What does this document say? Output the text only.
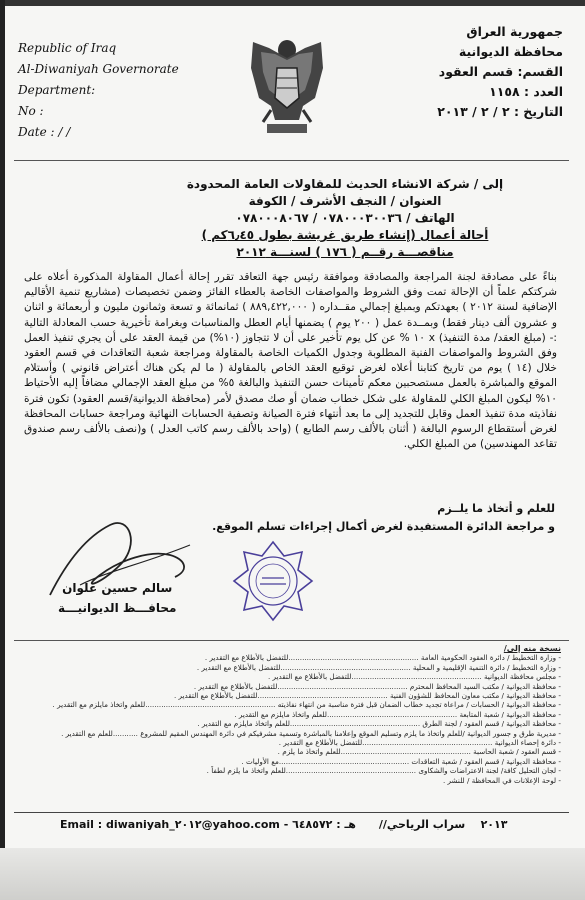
Republic of Iraq
Al-Diwaniyah Governorate
Department:
No :
Date : / /
جمهورية العراق
محافظة الديوانية
القسم: قسم العقود
العدد : ١١٥٨
التاريخ : ٢ / ٢ / ٢٠١٣
إلى / شركة الانشاء الحديث للمقاولات العامة المحدودة
العنوان / النجف الأشرف / الكوفة
الهاتف / ٠٧٨٠٠٠٣٠٠٣٦ / ٠٧٨٠٠٠٨٠٦٧
أحالة أعمال (إنشاء طريق غريشة بطول ٦٫٤٥كم )
مناقصـــة رقــم ( ١٧٦ ) لسنـــة ٢٠١٢
بناءً على مصادقة لجنة المراجعة والمصادقة وموافقة رئيس جهة التعاقد تقرر إحالة أعمال المقاولة المذكورة أعلاه على شركتكم علماً أن الإحالة تمت وفق الشروط والمواصفات الخاصة بالعطاء الفائز وضمن تخصيصات (مشاريع تنمية الأقاليم الإضافية لسنة ٢٠١٢ ) بعهدتكم وبمبلغ إجمالي مقــداره ( ٨٨٩,٤٢٢,٠٠٠ ) ثمانمائة و تسعة وثمانون مليون و أربعمائة و اثنان و عشرون ألف دينار فقط) وبمــدة عمل ( ٢٠٠ يوم ) يضمنها أيام العطل والمناسبات وبغرامة تأخيرية حسب المعادلة التالية :- (مبلغ العقد/ مدة التنفيذ) x ١٠ % عن كل يوم تأخير على أن لا تتجاوز (١٠%) من قيمة العقد على أن يجري تنفيذ العمل وفق الشروط والمواصفات الفنية المطلوبة وجدول الكميات الخاصة بالمقاولة ومراجعة شعبة التعاقدات في قسم العقود خلال (١٤ ) يوم من تاريخ كتابنا أعلاه لغرض توقيع العقد الخاص بالمقاولة ( ما لم يكن هناك أعتراض قانوني ) وأستلام الموقع والمباشرة بالعمل مستصحبين معكم تأمينات حسن التنفيذ والبالغة ٥% من مبلغ العقد الإجمالي مضافاً إليه الأحتياط ١٠% ليكون المبلغ الكلي للمقاولة على شكل خطاب ضمان أو صك مصدق لأمر (محافظة الديوانية/قسم العقود) تكون فترة نفاذيته مدة تنفيذ العمل وقابل للتجديد إلى ما بعد أنتهاء فترة الصيانة وتصفية الحسابات النهائية ومراجعة حسابات المحافظة لغرض أستقطاع الرسوم البالغة ( أثنان بالألف رسم الطابع ) (واحد بالألف رسم كاتب العدل ) و(نصف بالألف رسم صندوق تقاعد المهندسين) من المبلغ الكلي.
للعلم و أتخاذ ما يلــزم
و مراجعة الدائرة المستفيدة لغرض أكمال إجراءات تسلم الموقع.
سالم حسين علوان
محافـــظ الديوانيـــة
نسخة منه إلى/
- وزارة التخطيط / دائرة العقود الحكومية العامة .........................................................للتفضل بالأطلاع مع التقدير .
- وزارة التخطيط / دائرة التنمية الإقليمية و المحلية .........................................................للتفضل بالأطلاع مع التقدير .
- مجلس محافظة الديوانية .........................................................للتفضل بالأطلاع مع التقدير .
- محافظة الديوانية / مكتب السيد المحافظ المحترم .........................................................للتفضل بالأطلاع مع التقدير .
- محافظة الديوانية / مكتب معاون المحافظ للشؤون الفنية .........................................................للتفضل بالأطلاع مع التقدير .
- محافظة الديوانية / الحسابات / مراعاة تجديد خطاب الضمان قبل فترة مناسبة من انتهاء نفاذيته .........................................................للعلم واتخاذ مايلزم مع التقدير .
- محافظة الديوانية / شعبة المتابعة .........................................................للعلم واتخاذ مايلزم مع التقدير .
- محافظة الديوانية / قسم العقود / لجنة الطرق .........................................................للعلم واتخاذ مايلزم مع التقدير .
- مديرية طرق و جسور الديوانية /للعلم واتخاذ ما يلزم وتسليم الموقع وإعلامنا بالمباشرة وتسمية مشرفيكم في دائرة المهندس المقيم للمشروع ...........للعلم مع التقدير .
- دائرة إحصاء الديوانية .........................................................للتفضل بالأطلاع مع التقدير .
- قسم العقود / شعبة الحاسبة .........................................................للعلم واتخاذ ما يلزم .
- محافظة الديوانية / قسم العقود / شعبة التعاقدات .........................................................مع الأوليات .
- لجان التحليل كافة/ لجنة الاعتراضات والشكاوى .........................................................للعلم واتخاذ ما يلزم لطفاً .
- لوحة الإعلانات في المحافظة / للنشر .
Email : diwaniyah_٢٠١٢@yahoo.com - ٢٠١٣    سراب الرياحي//      هـ : ٦٤٨٥٧٢
